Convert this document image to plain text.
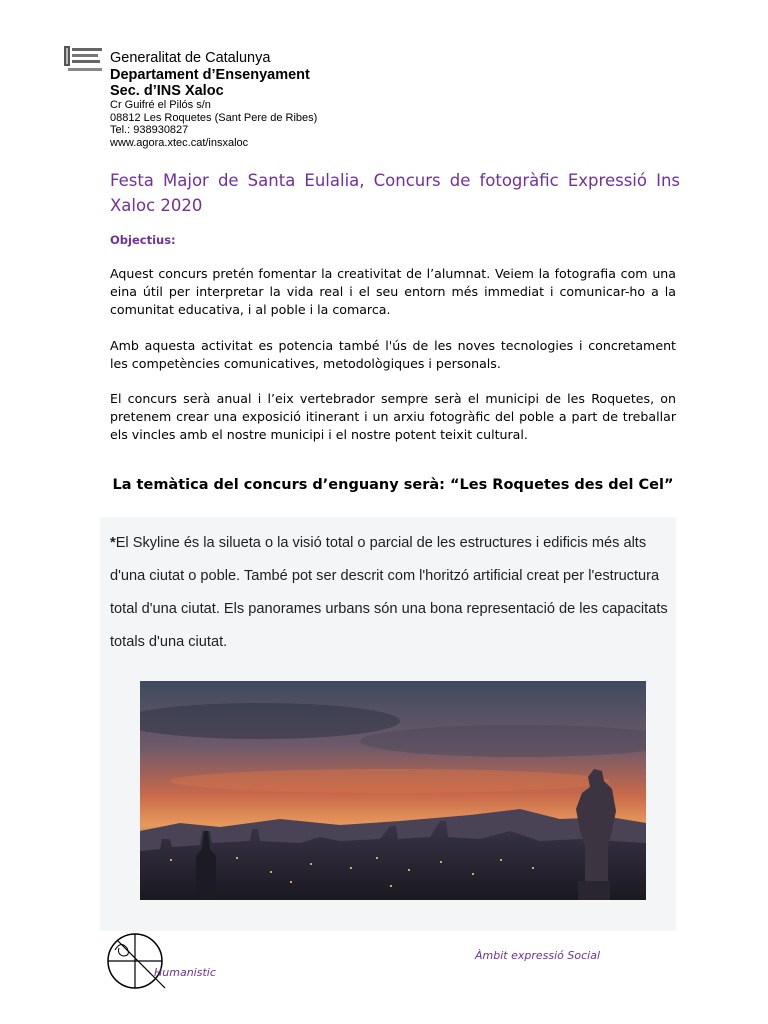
Generalitat de Catalunya
Departament d’Ensenyament
Sec. d’INS Xaloc
Cr Guifré el Pilós s/n
08812 Les Roquetes (Sant Pere de Ribes)
Tel.: 938930827
www.agora.xtec.cat/insxaloc
Festa Major de Santa Eulalia, Concurs de fotogràfic Expressió Ins Xaloc 2020
Objectius:

Aquest concurs pretén fomentar la creativitat de l’alumnat. Veiem la fotografia com una eina útil per interpretar la vida real i el seu entorn més immediat i comunicar-ho a la comunitat educativa, i al poble i la comarca.

Amb aquesta activitat es potencia també l'ús de les noves tecnologies i concretament les competències comunicatives, metodològiques i personals.

El concurs serà anual i l’eix vertebrador sempre serà el municipi de les Roquetes, on pretenem crear una exposició itinerant i un arxiu fotogràfic del poble a part de treballar els vincles amb el nostre municipi i el nostre potent teixit cultural.

La temàtica del concurs d’enguany serà: “Les Roquetes des del Cel”

*El Skyline és la silueta o la visió total o parcial de les estructures i edificis més alts d'una ciutat o poble. També pot ser descrit com l'horitzó artificial creat per l'estructura total d'una ciutat. Els panorames urbans són una bona representació de les capacitats totals d'una ciutat.

Humanistic
Àmbit expressió Social
